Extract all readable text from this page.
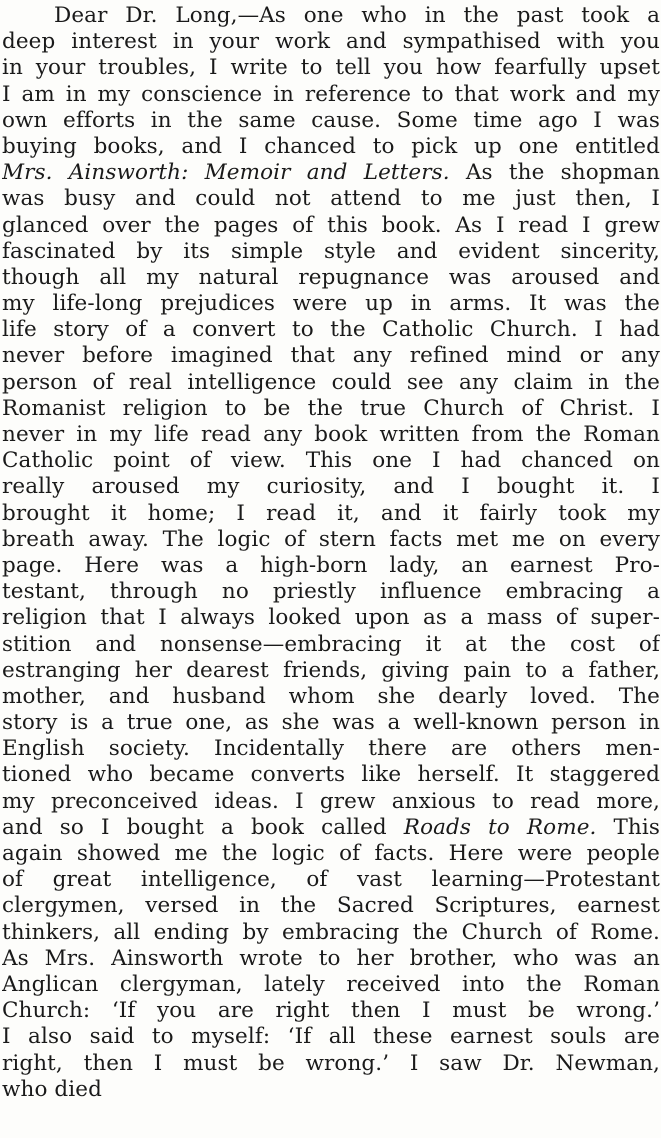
Dear Dr. Long,—As one who in the past took a
deep interest in your work and sympathised with you
in your troubles, I write to tell you how fearfully upset
I am in my conscience in reference to that work and my
own efforts in the same cause. Some time ago I was
buying books, and I chanced to pick up one entitled
Mrs. Ainsworth: Memoir and Letters. As the shopman
was busy and could not attend to me just then, I
glanced over the pages of this book. As I read I grew
fascinated by its simple style and evident sincerity,
though all my natural repugnance was aroused and
my life-long prejudices were up in arms. It was the
life story of a convert to the Catholic Church. I had
never before imagined that any refined mind or any
person of real intelligence could see any claim in the
Romanist religion to be the true Church of Christ. I
never in my life read any book written from the Roman
Catholic point of view. This one I had chanced on
really aroused my curiosity, and I bought it. I
brought it home; I read it, and it fairly took my
breath away. The logic of stern facts met me on every
page. Here was a high-born lady, an earnest Pro-
testant, through no priestly influence embracing a
religion that I always looked upon as a mass of super-
stition and nonsense—embracing it at the cost of
estranging her dearest friends, giving pain to a father,
mother, and husband whom she dearly loved. The
story is a true one, as she was a well-known person in
English society. Incidentally there are others men-
tioned who became converts like herself. It staggered
my preconceived ideas. I grew anxious to read more,
and so I bought a book called Roads to Rome. This
again showed me the logic of facts. Here were people
of great intelligence, of vast learning—Protestant
clergymen, versed in the Sacred Scriptures, earnest
thinkers, all ending by embracing the Church of Rome.
As Mrs. Ainsworth wrote to her brother, who was an
Anglican clergyman, lately received into the Roman
Church: ‘If you are right then I must be wrong.’
I also said to myself: ‘If all these earnest souls are
right, then I must be wrong.’ I saw Dr. Newman,
who died
